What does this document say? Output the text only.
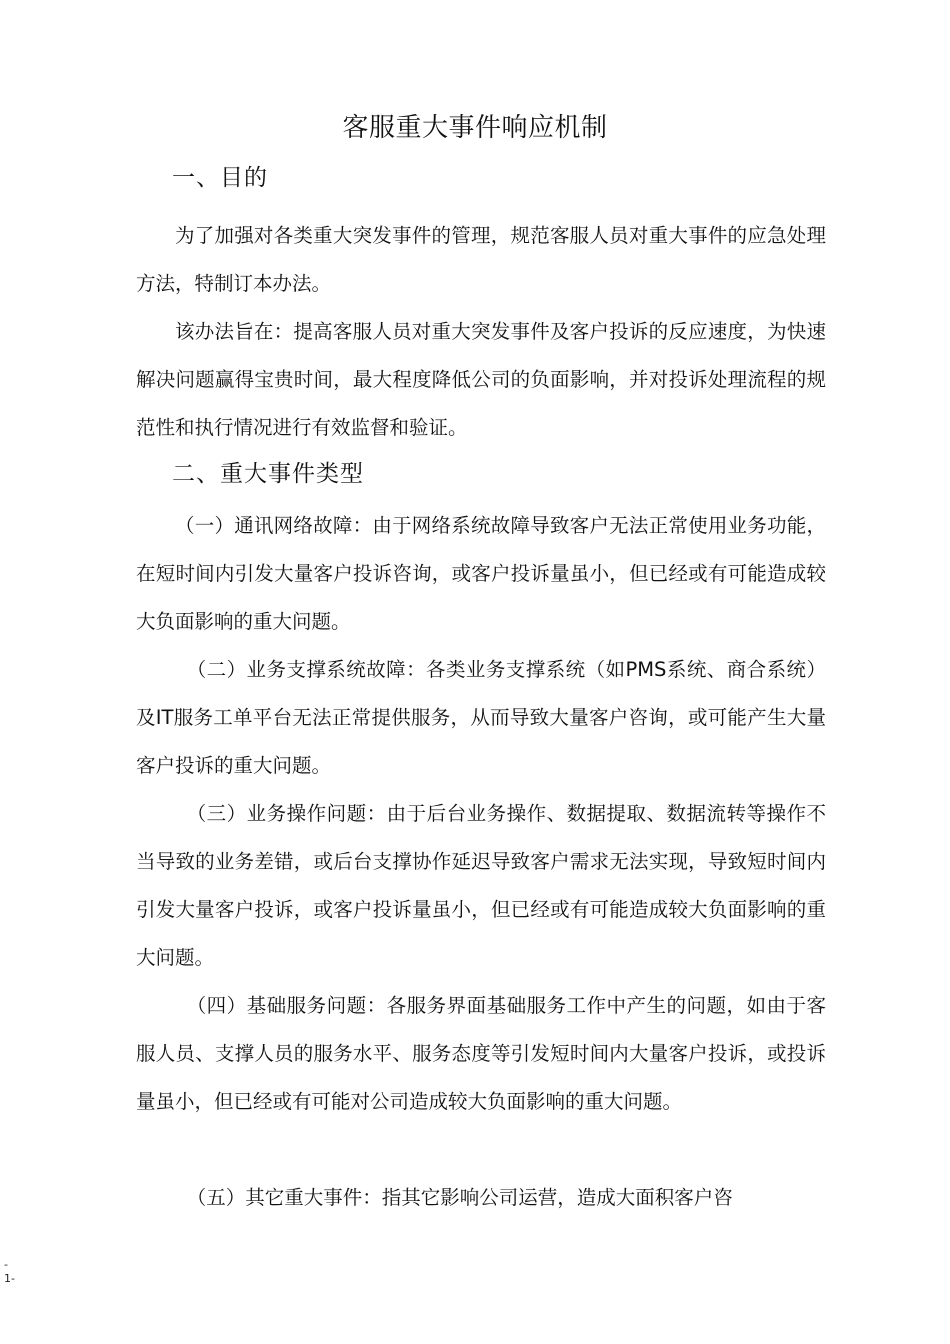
客服重大事件响应机制
一、目的

为了加强对各类重大突发事件的管理，规范客服人员对重大事件的应急处理方法，特制订本办法。

该办法旨在：提高客服人员对重大突发事件及客户投诉的反应速度，为快速解决问题赢得宝贵时间，最大程度降低公司的负面影响，并对投诉处理流程的规范性和执行情况进行有效监督和验证。

二、重大事件类型

（一）通讯网络故障：由于网络系统故障导致客户无法正常使用业务功能，在短时间内引发大量客户投诉咨询，或客户投诉量虽小，但已经或有可能造成较大负面影响的重大问题。

（二）业务支撑系统故障：各类业务支撑系统（如PMS系统、商合系统）及IT服务工单平台无法正常提供服务，从而导致大量客户咨询，或可能产生大量客户投诉的重大问题。

（三）业务操作问题：由于后台业务操作、数据提取、数据流转等操作不当导致的业务差错，或后台支撑协作延迟导致客户需求无法实现，导致短时间内引发大量客户投诉，或客户投诉量虽小，但已经或有可能造成较大负面影响的重大问题。

（四）基础服务问题：各服务界面基础服务工作中产生的问题，如由于客服人员、支撑人员的服务水平、服务态度等引发短时间内大量客户投诉，或投诉量虽小，但已经或有可能对公司造成较大负面影响的重大问题。

（五）其它重大事件：指其它影响公司运营，造成大面积客户咨

-
1-
